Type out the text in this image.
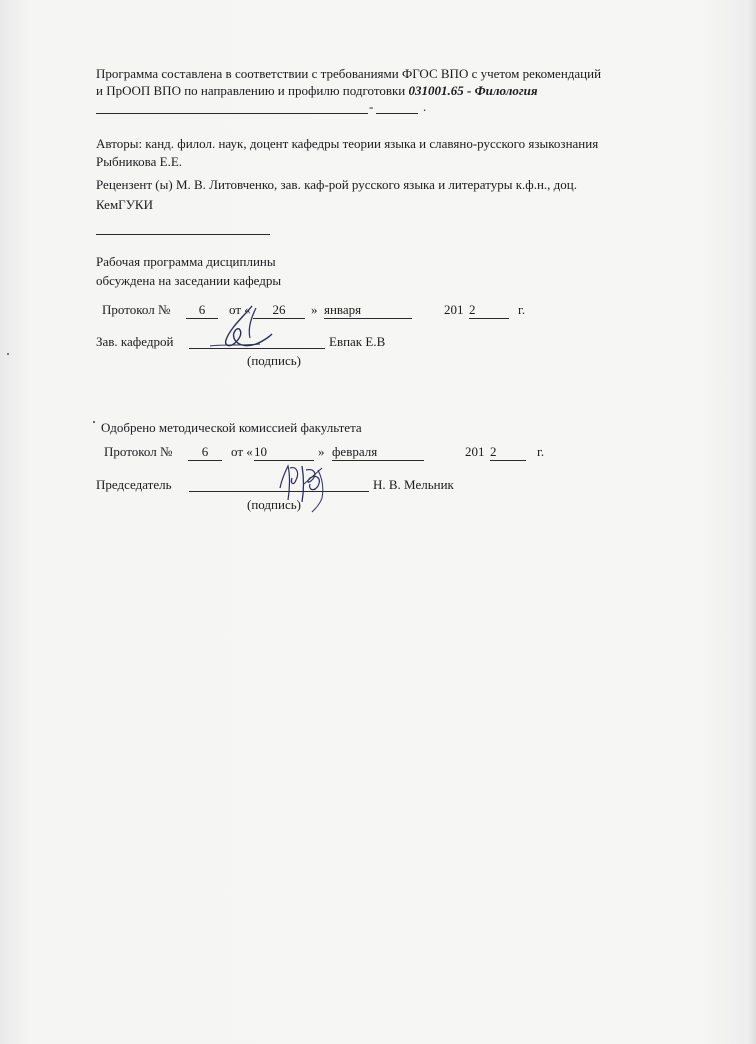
Программа составлена в соответствии с требованиями ФГОС ВПО с учетом рекомендаций
и ПрООП ВПО по направлению и профилю подготовки 031001.65 - Филология
-	.
Авторы: канд. филол. наук, доцент кафедры теории языка и славяно-русского языкознания
Рыбникова Е.Е.
Рецензент (ы) М. В. Литовченко, зав. каф-рой русского языка и литературы к.ф.н., доц.
КемГУКИ
Рабочая программа дисциплины
обсуждена на заседании кафедры
Протокол №	6	от «	26	» января	201 2	г.
Зав. кафедрой	Евпак Е.В
(подпись)
Одобрено методической комиссией факультета
Протокол №	6	от « 10	» февраля	201 2	г.
Председатель	Н. В. Мельник
(подпись)
